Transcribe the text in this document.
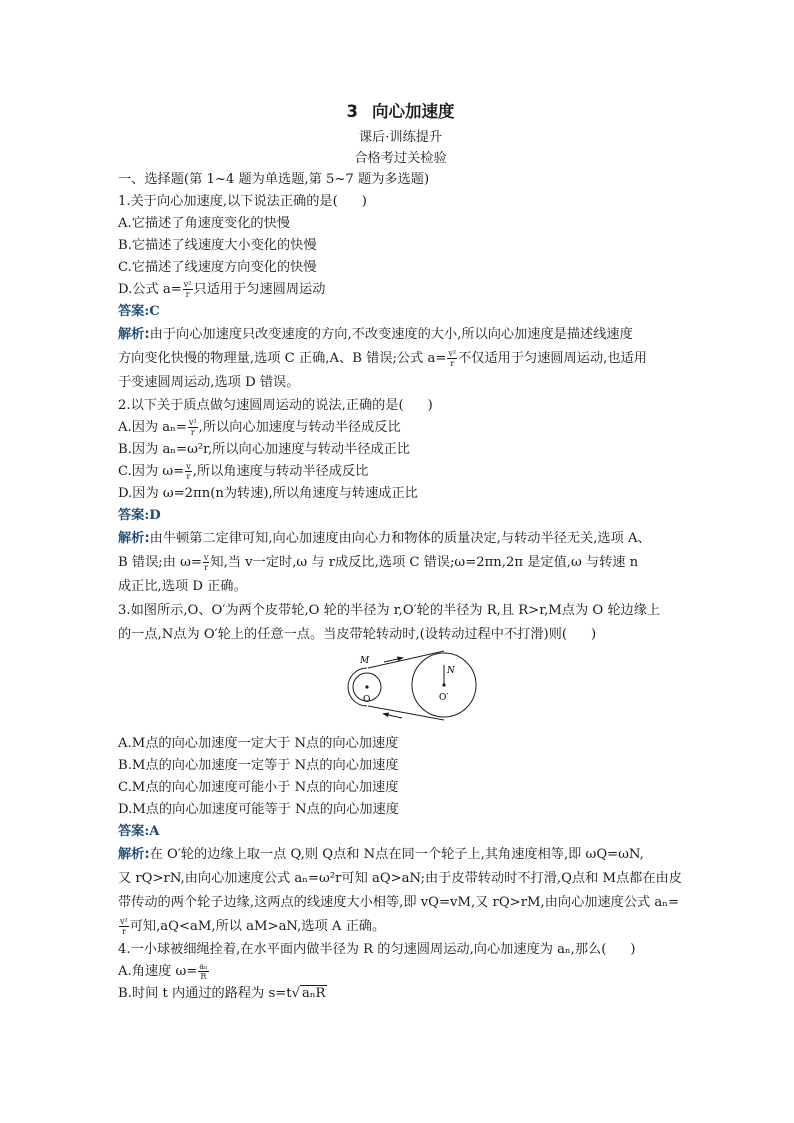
3 向心加速度
课后·训练提升
合格考过关检验
一、选择题(第 1~4 题为单选题,第 5~7 题为多选题)
1.关于向心加速度,以下说法正确的是( )
A.它描述了角速度变化的快慢
B.它描述了线速度大小变化的快慢
C.它描述了线速度方向变化的快慢
D.公式 $a= \frac{\text{v²}}{r}$ 只适用于匀速圆周运动
答案:C
解析:由于向心加速度只改变速度的方向,不改变速度的大小,所以向心加速度是描述线速度
方向变化快慢的物理量,选项 C 正确,A、B 错误;公式 $a= \frac{\text{v²}}{r}$ 不仅适用于匀速圆周运动,也适用
于变速圆周运动,选项 D 错误。
2.以下关于质点做匀速圆周运动的说法,正确的是( )
A.因为 $a_n= \frac{\text{v²}}{r}$ ,所以向心加速度与转动半径成反比
B.因为 aₙ=ω²r,所以向心加速度与转动半径成正比
C.因为 $\omega= \frac{v}{r}$ ,所以角速度与转动半径成反比
D.因为 ω=2πn(n为转速),所以角速度与转速成正比
答案:D
解析:由牛顿第二定律可知,向心加速度由向心力和物体的质量决定,与转动半径无关,选项 A、
B 错误;由 $\omega= \frac{v}{r}$ 知,当 v一定时,ω 与 r成反比,选项 C 错误;ω=2πn,2π 是定值,ω 与转速 n
成正比,选项 D 正确。
3.如图所示,O、O′为两个皮带轮,O 轮的半径为 r,O′轮的半径为 R,且 R>r,M点为 O 轮边缘上
的一点,N点为 O′轮上的任意一点。当皮带轮转动时,(设转动过程中不打滑)则( )
M
N
O	O′
A.M点的向心加速度一定大于 N点的向心加速度
B.M点的向心加速度一定等于 N点的向心加速度
C.M点的向心加速度可能小于 N点的向心加速度
D.M点的向心加速度可能等于 N点的向心加速度
答案:A
解析:在 O′轮的边缘上取一点 Q,则 Q点和 N点在同一个轮子上,其角速度相等,即 ωQ=ωN,
又 rQ>rN,由向心加速度公式 aₙ=ω²r可知 aQ>aN;由于皮带转动时不打滑,Q点和 M点都在由皮
带传动的两个轮子边缘,这两点的线速度大小相等,即 vQ=vM,又 rQ>rM,由向心加速度公式 aₙ=

$\frac{\text{v²}}{r}$ 可知,aQ<aM,所以 aM>aN,选项 A 正确。
4.一小球被细绳拴着,在水平面内做半径为 R 的匀速圆周运动,向心加速度为 aₙ,那么( )
A.角速度 $\omega= \frac{\text{aₙ}}{R}$
B.时间 t 内通过的路程为 s=t√ aₙR
